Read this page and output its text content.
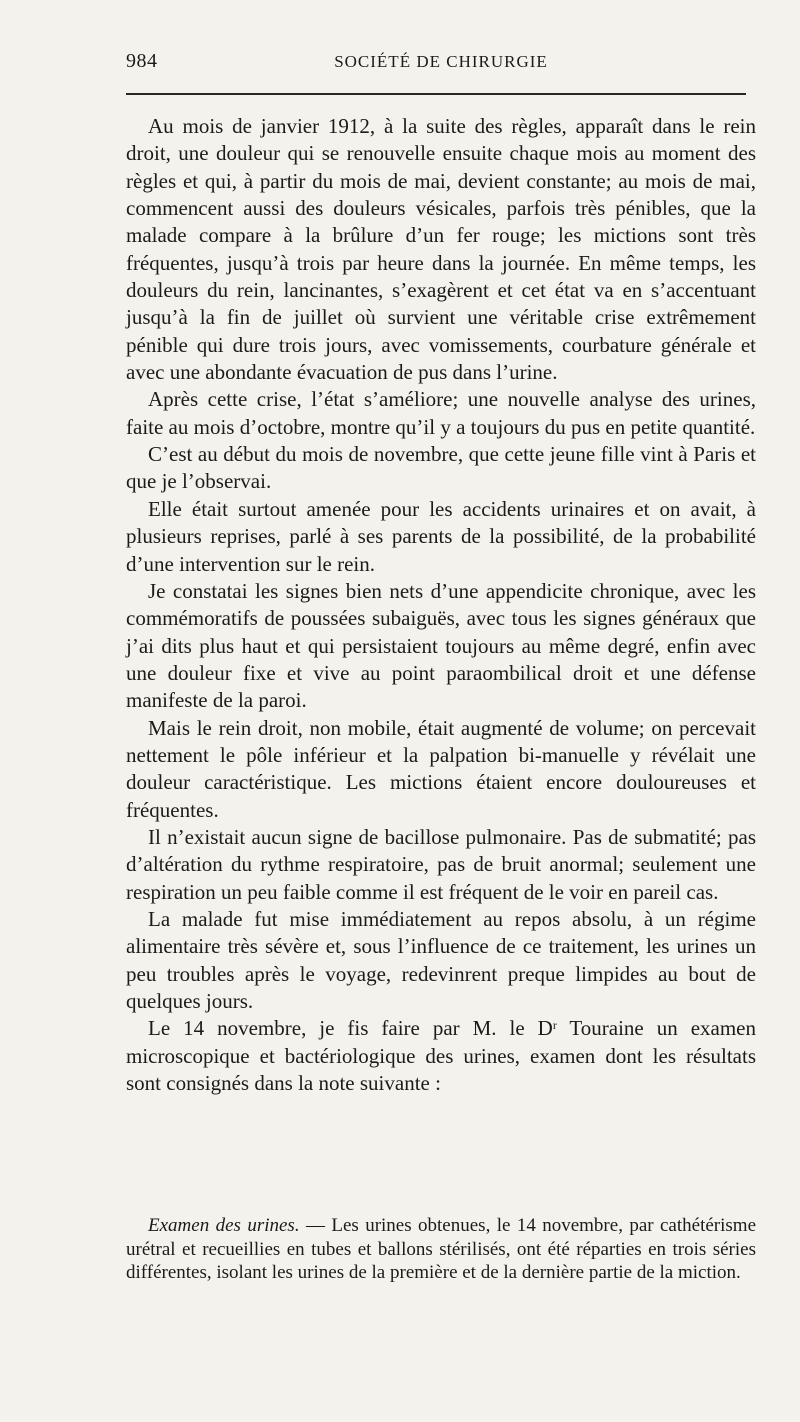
984	SOCIÉTÉ DE CHIRURGIE

Au mois de janvier 1912, à la suite des règles, apparaît dans le rein droit, une douleur qui se renouvelle ensuite chaque mois au moment des règles et qui, à partir du mois de mai, devient constante; au mois de mai, commencent aussi des douleurs vésicales, parfois très pénibles, que la malade compare à la brûlure d’un fer rouge; les mictions sont très fréquentes, jusqu’à trois par heure dans la journée. En même temps, les douleurs du rein, lancinantes, s’exagèrent et cet état va en s’accentuant jusqu’à la fin de juillet où survient une véritable crise extrêmement pénible qui dure trois jours, avec vomissements, courbature générale et avec une abondante évacuation de pus dans l’urine.

Après cette crise, l’état s’améliore; une nouvelle analyse des urines, faite au mois d’octobre, montre qu’il y a toujours du pus en petite quantité.

C’est au début du mois de novembre, que cette jeune fille vint à Paris et que je l’observai.

Elle était surtout amenée pour les accidents urinaires et on avait, à plusieurs reprises, parlé à ses parents de la possibilité, de la probabilité d’une intervention sur le rein.

Je constatai les signes bien nets d’une appendicite chronique, avec les commémoratifs de poussées subaiguës, avec tous les signes généraux que j’ai dits plus haut et qui persistaient toujours au même degré, enfin avec une douleur fixe et vive au point paraombilical droit et une défense manifeste de la paroi.

Mais le rein droit, non mobile, était augmenté de volume; on percevait nettement le pôle inférieur et la palpation bi-manuelle y révélait une douleur caractéristique. Les mictions étaient encore douloureuses et fréquentes.

Il n’existait aucun signe de bacillose pulmonaire. Pas de submatité; pas d’altération du rythme respiratoire, pas de bruit anormal; seulement une respiration un peu faible comme il est fréquent de le voir en pareil cas.

La malade fut mise immédiatement au repos absolu, à un régime alimentaire très sévère et, sous l’influence de ce traitement, les urines un peu troubles après le voyage, redevinrent preque limpides au bout de quelques jours.

Le 14 novembre, je fis faire par M. le $D^r$ Touraine un examen microscopique et bactériologique des urines, examen dont les résultats sont consignés dans la note suivante :

Examen des urines. — Les urines obtenues, le 14 novembre, par cathétérisme urétral et recueillies en tubes et ballons stérilisés, ont été réparties en trois séries différentes, isolant les urines de la première et de la dernière partie de la miction.
